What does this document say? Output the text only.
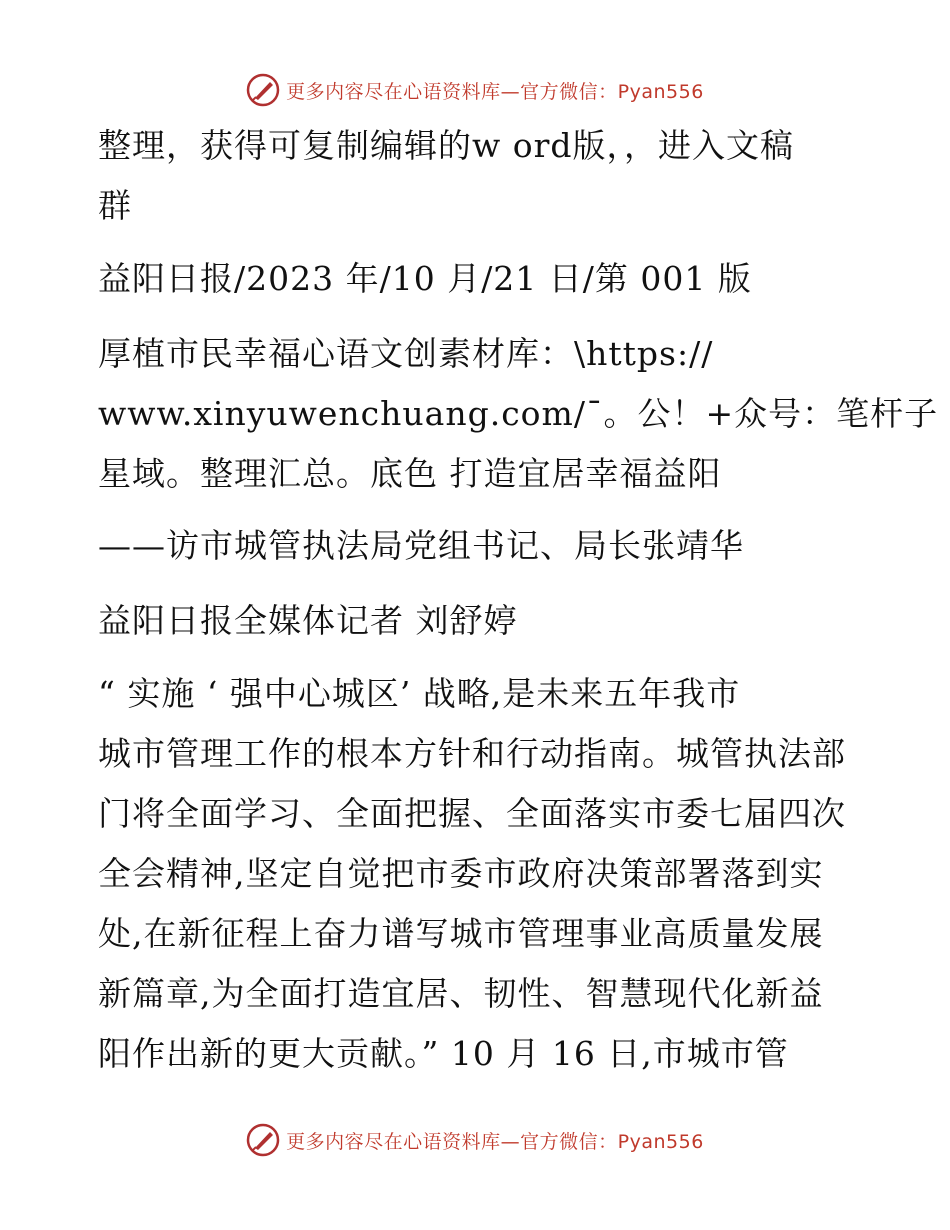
更多内容尽在心语资料库—官方微信：Pyan556
整理，获得可复制编辑的w ord版，，进入文稿
群
益阳日报/2023 年/10 月/21 日/第 001 版
厚植市民幸福心语文创素材库：\https://
www.xinyuwenchuang.com/¯。公！+众号：笔杆子
星域。整理汇总。底色 打造宜居幸福益阳
——访市城管执法局党组书记、局长张靖华
益阳日报全媒体记者 刘舒婷
“ 实施 ‘ 强中心城区’ 战略,是未来五年我市
城市管理工作的根本方针和行动指南。城管执法部
门将全面学习、全面把握、全面落实市委七届四次
全会精神,坚定自觉把市委市政府决策部署落到实
处,在新征程上奋力谱写城市管理事业高质量发展
新篇章,为全面打造宜居、韧性、智慧现代化新益
阳作出新的更大贡献。” 10 月 16 日,市城市管
更多内容尽在心语资料库—官方微信：Pyan556
